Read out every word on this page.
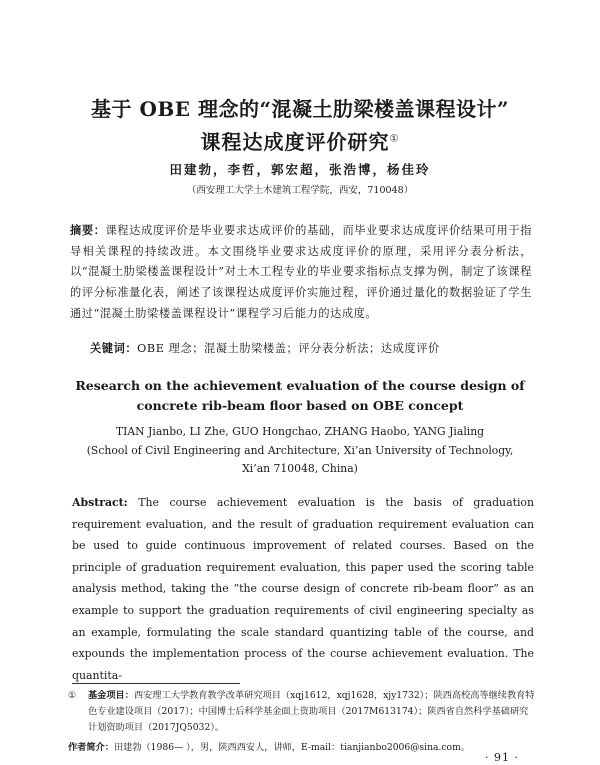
基于 OBE 理念的“混凝土肋梁楼盖课程设计”
课程达成度评价研究①
田建勃，李哲，郭宏超，张浩博，杨佳玲
（西安理工大学土木建筑工程学院，西安，710048）
摘要：课程达成度评价是毕业要求达成评价的基础，而毕业要求达成度评价结果可用于指导相关课程的持续改进。本文围绕毕业要求达成度评价的原理，采用评分表分析法，以“混凝土肋梁楼盖课程设计”对土木工程专业的毕业要求指标点支撑为例，制定了该课程的评分标准量化表，阐述了该课程达成度评价实施过程，评价通过量化的数据验证了学生通过“混凝土肋梁楼盖课程设计”课程学习后能力的达成度。
关键词：OBE 理念；混凝土肋梁楼盖；评分表分析法；达成度评价
Research on the achievement evaluation of the course design of
concrete rib-beam floor based on OBE concept
TIAN Jianbo, LI Zhe, GUO Hongchao, ZHANG Haobo, YANG Jialing
(School of Civil Engineering and Architecture, Xi’an University of Technology,
Xi’an 710048, China)
Abstract: The course achievement evaluation is the basis of graduation requirement evaluation, and the result of graduation requirement evaluation can be used to guide continuous improvement of related courses. Based on the principle of graduation requirement evaluation, this paper used the scoring table analysis method, taking the “the course design of concrete rib-beam floor” as an example to support the graduation requirements of civil engineering specialty as an example, formulating the scale standard quantizing table of the course, and expounds the implementation process of the course achievement evaluation. The quantita-
① 基金项目：西安理工大学教育教学改革研究项目（xqj1612，xqj1628，xjy1732）；陕西高校高等继续教育特色专业建设项目（2017）；中国博士后科学基金面上资助项目（2017M613174）；陕西省自然科学基础研究计划资助项目（2017JQ5032）。
作者简介：田建勃（1986— ），男，陕西西安人，讲师，E-mail：tianjianbo2006@sina.com。
· 91 ·
